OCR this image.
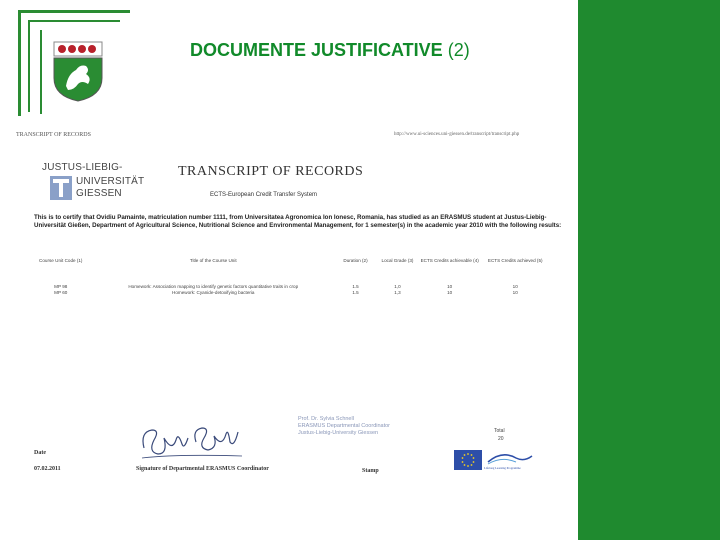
DOCUMENTE JUSTIFICATIVE (2)
TRANSCRIPT OF RECORDS	http://www.ui-sciences.uni-giessen.de/transcript/transcript.php
JUSTUS-LIEBIG-
UNIVERSITÄT
GIESSEN
TRANSCRIPT OF RECORDS
ECTS-European Credit Transfer System
This is to certify that Ovidiu Pamainte, matriculation number 1111, from Universitatea Agronomica Ion Ionesc, Romania, has studied as an ERASMUS student at Justus-Liebig-Universität Gießen, Department of Agricultural Science, Nutritional Science and Environmental Management, for 1 semester(s) in the academic year 2010 with the following results:
Course Unit Code (1)	Title of the Course Unit	Duration (2)	Local Grade (3)	ECTS Credits achievable (4)	ECTS Credits achieved (5)
MP 98	Homework: Association mapping to identify genetic factors quantitative traits in crop	1.5	1,0	10	10
MP 60	Homework: Cyanide-detoxifying bacteria	1.5	1,3	10	10
Prof. Dr. Sylvia Schnell
ERASMUS Departmental Coordinator
Justus-Liebig-University Giessen	Total
20
Date
07.02.2011	Signature of Departmental ERASMUS Coordinator	Stamp	Lifelong Learning Programme
